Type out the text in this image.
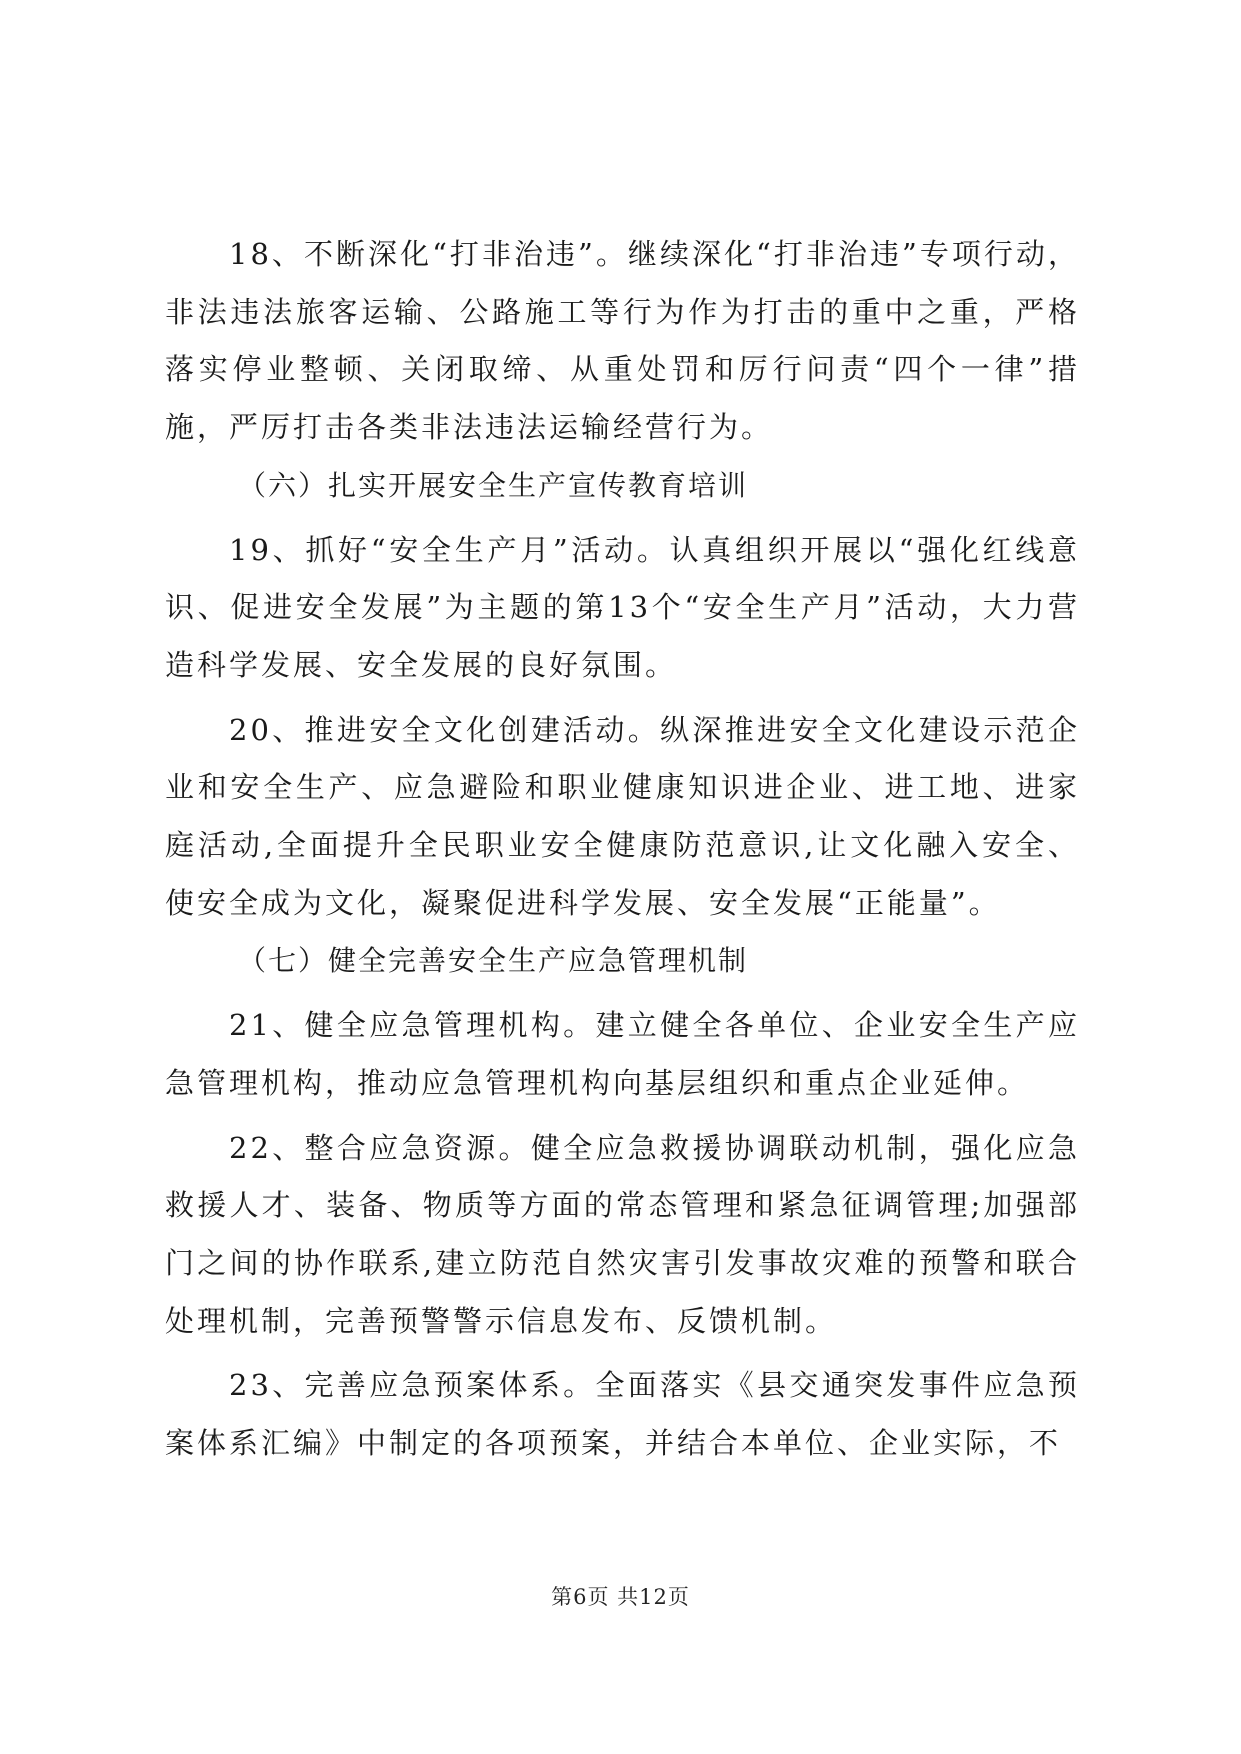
18、不断深化“打非治违”。继续深化“打非治违”专项行动，非法违法旅客运输、公路施工等行为作为打击的重中之重，严格落实停业整顿、关闭取缔、从重处罚和厉行问责“四个一律”措施，严厉打击各类非法违法运输经营行为。

（六）扎实开展安全生产宣传教育培训

19、抓好“安全生产月”活动。认真组织开展以“强化红线意识、促进安全发展”为主题的第13个“安全生产月”活动，大力营造科学发展、安全发展的良好氛围。

20、推进安全文化创建活动。纵深推进安全文化建设示范企业和安全生产、应急避险和职业健康知识进企业、进工地、进家庭活动,全面提升全民职业安全健康防范意识,让文化融入安全、使安全成为文化，凝聚促进科学发展、安全发展“正能量”。

（七）健全完善安全生产应急管理机制

21、健全应急管理机构。建立健全各单位、企业安全生产应急管理机构，推动应急管理机构向基层组织和重点企业延伸。

22、整合应急资源。健全应急救援协调联动机制，强化应急救援人才、装备、物质等方面的常态管理和紧急征调管理;加强部门之间的协作联系,建立防范自然灾害引发事故灾难的预警和联合处理机制，完善预警警示信息发布、反馈机制。

23、完善应急预案体系。全面落实《县交通突发事件应急预案体系汇编》中制定的各项预案，并结合本单位、企业实际，不

第6页 共12页
